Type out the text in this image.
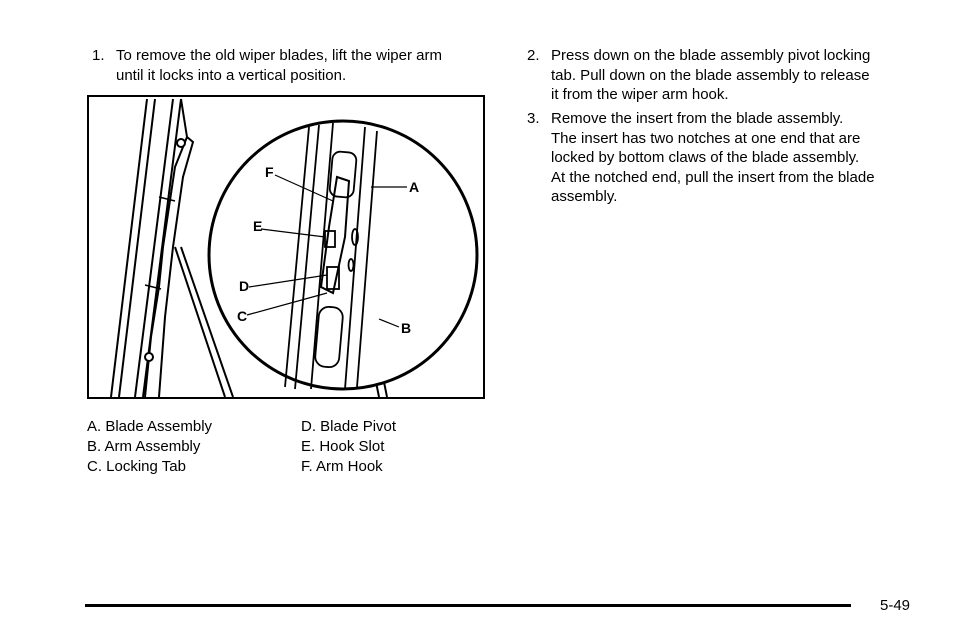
1. To remove the old wiper blades, lift the wiper arm
until it locks into a vertical position.
F
A
E
D
C
B
A. Blade Assembly
B. Arm Assembly
C. Locking Tab
D. Blade Pivot
E. Hook Slot
F. Arm Hook
2. Press down on the blade assembly pivot locking
tab. Pull down on the blade assembly to release
it from the wiper arm hook.
3. Remove the insert from the blade assembly.
The insert has two notches at one end that are
locked by bottom claws of the blade assembly.
At the notched end, pull the insert from the blade
assembly.
5-49
